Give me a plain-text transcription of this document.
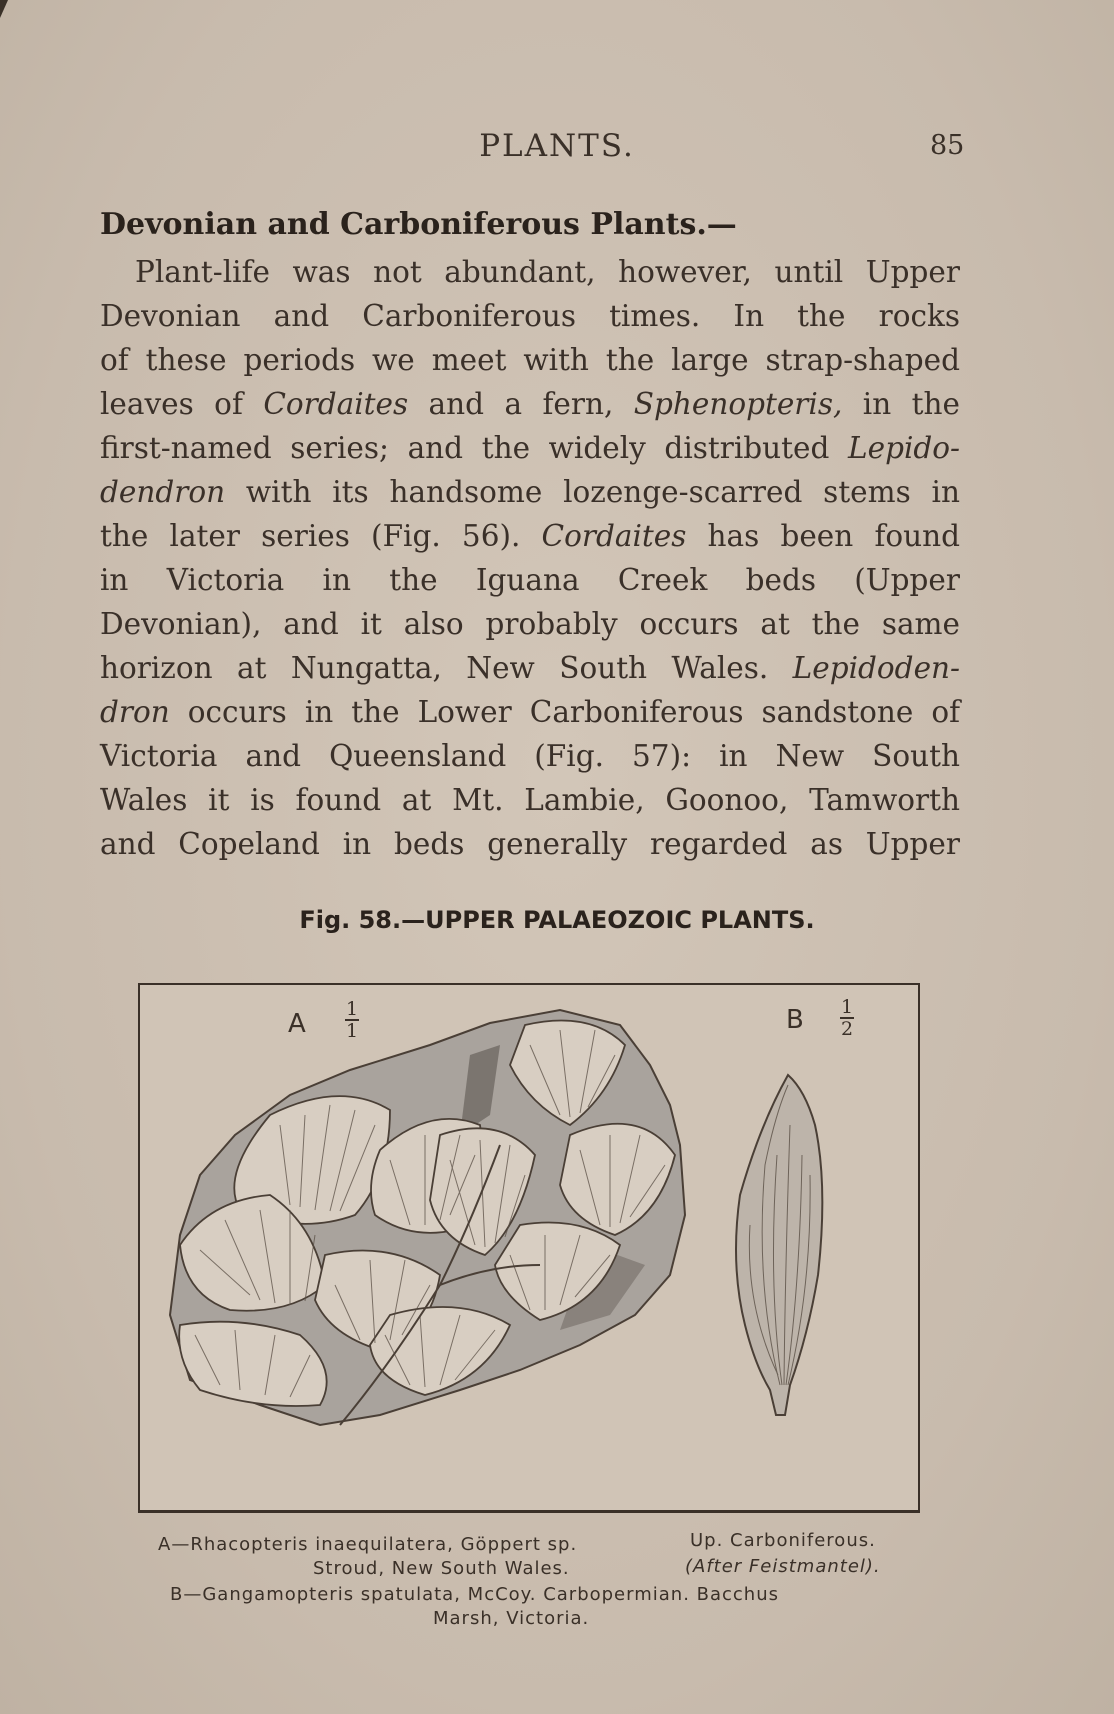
PLANTS.	85
Devonian and Carboniferous Plants.—
Plant-life was not abundant, however, until Upper
Devonian and Carboniferous times. In the rocks
of these periods we meet with the large strap-shaped
leaves of Cordaites and a fern, Sphenopteris, in the
first-named series; and the widely distributed Lepido-
dendron with its handsome lozenge-scarred stems in
the later series (Fig. 56). Cordaites has been found
in Victoria in the Iguana Creek beds (Upper
Devonian), and it also probably occurs at the same
horizon at Nungatta, New South Wales. Lepidoden-
dron occurs in the Lower Carboniferous sandstone of
Victoria and Queensland (Fig. 57): in New South
Wales it is found at Mt. Lambie, Goonoo, Tamworth
and Copeland in beds generally regarded as Upper
Fig. 58.—UPPER PALAEOZOIC PLANTS.
A 1
1	B 1
2
A—Rhacopteris inaequilatera, Göppert sp.	Up. Carboniferous.
Stroud, New South Wales.	(After Feistmantel).
B—Gangamopteris spatulata, McCoy. Carbopermian. Bacchus
Marsh, Victoria.
